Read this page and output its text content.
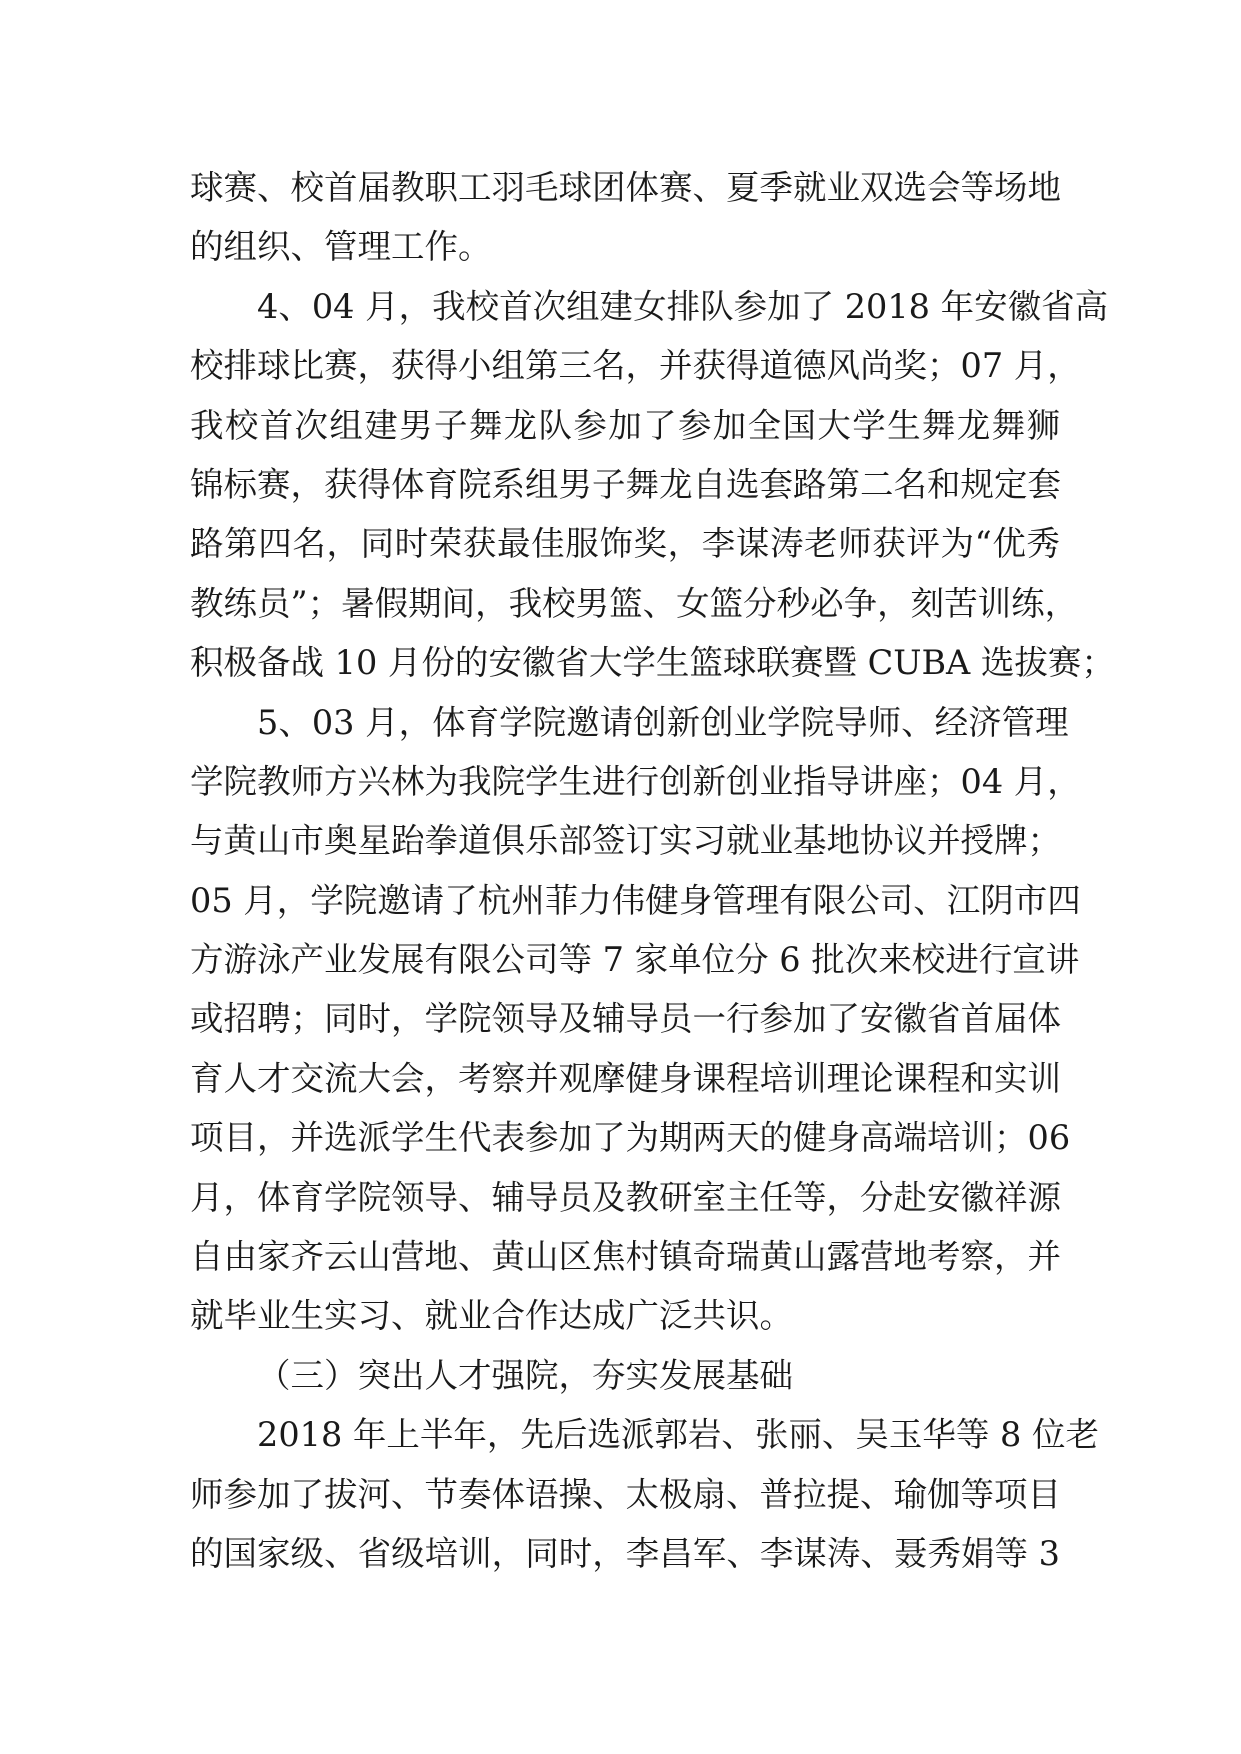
球赛、校首届教职工羽毛球团体赛、夏季就业双选会等场地
的组织、管理工作。
4、04 月，我校首次组建女排队参加了 2018 年安徽省高
校排球比赛，获得小组第三名，并获得道德风尚奖；07 月，
我校首次组建男子舞龙队参加了参加全国大学生舞龙舞狮
锦标赛，获得体育院系组男子舞龙自选套路第二名和规定套
路第四名，同时荣获最佳服饰奖，李谋涛老师获评为“优秀
教练员”；暑假期间，我校男篮、女篮分秒必争，刻苦训练，
积极备战 10 月份的安徽省大学生篮球联赛暨 CUBA 选拔赛；
5、03 月，体育学院邀请创新创业学院导师、经济管理
学院教师方兴林为我院学生进行创新创业指导讲座；04 月，
与黄山市奥星跆拳道俱乐部签订实习就业基地协议并授牌；
05 月，学院邀请了杭州菲力伟健身管理有限公司、江阴市四
方游泳产业发展有限公司等 7 家单位分 6 批次来校进行宣讲
或招聘；同时，学院领导及辅导员一行参加了安徽省首届体
育人才交流大会，考察并观摩健身课程培训理论课程和实训
项目，并选派学生代表参加了为期两天的健身高端培训；06
月，体育学院领导、辅导员及教研室主任等，分赴安徽祥源
自由家齐云山营地、黄山区焦村镇奇瑞黄山露营地考察，并
就毕业生实习、就业合作达成广泛共识。
（三）突出人才强院，夯实发展基础
2018 年上半年，先后选派郭岩、张丽、吴玉华等 8 位老
师参加了拔河、节奏体语操、太极扇、普拉提、瑜伽等项目
的国家级、省级培训，同时，李昌军、李谋涛、聂秀娟等 3
